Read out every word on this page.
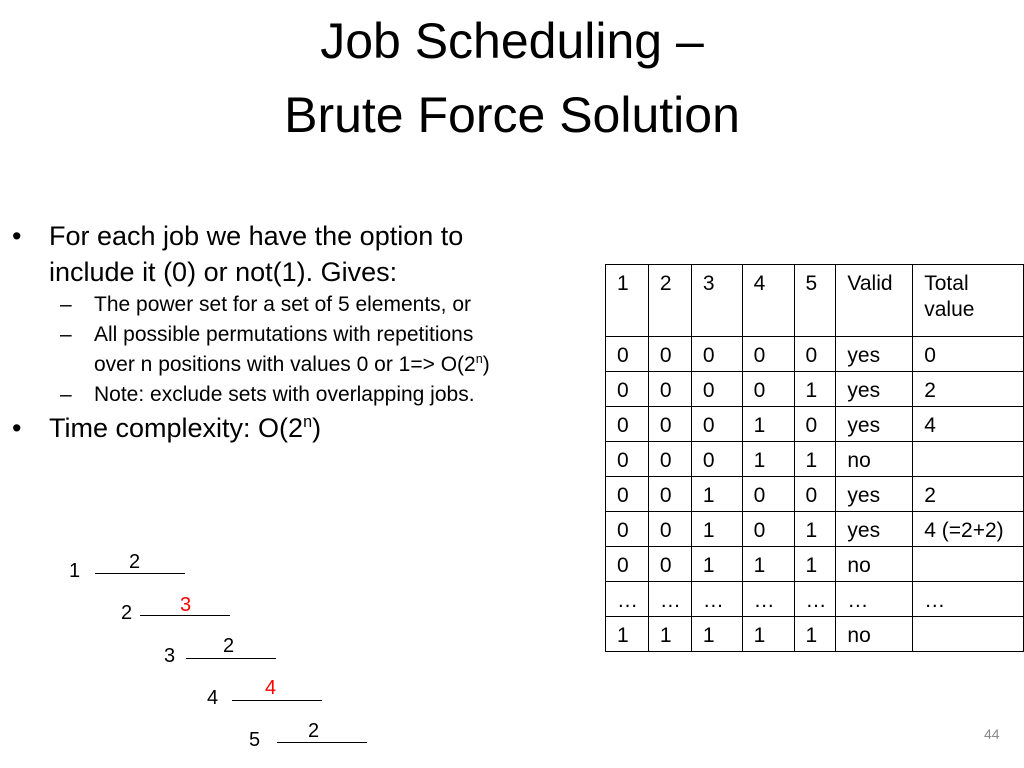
Job Scheduling –
Brute Force Solution
• For each job we have the option to
include it (0) or not(1). Gives:
– The power set for a set of 5 elements, or
– All possible permutations with repetitions
over n positions with values 0 or $1=> O(2^n)$
– Note: exclude sets with overlapping jobs.
• Time complexity: O(2$^n$)
1	2	3	4	5	Valid	Total value
0	0	0	0	0	yes	0
0	0	0	0	1	yes	2
0	0	0	1	0	yes	4
0	0	0	1	1	no	
0	0	1	0	0	yes	2
0	0	1	0	1	yes	4 (=2+2)
0	0	1	1	1	no	
…	…	…	…	…	…	…
1	1	1	1	1	no	
1 2
2 3
3 2
4 4
5 2	44
